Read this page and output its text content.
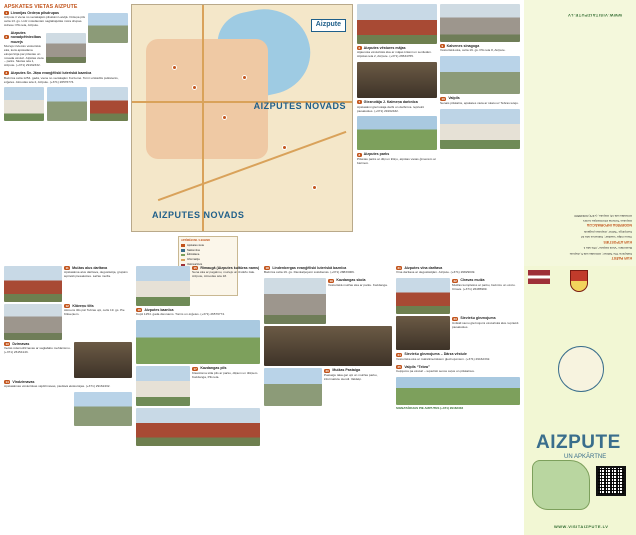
APSKATES VIETAS AIZPUTĒ
1 Livonijas Ordeņa pilsdrupas

Aizpute ir viena no senākajām pilsētām Latvijā. Ordeņa pils celta 13. gs. Līdz mūsdienām saglabājušās mūra drupas. Adrese: Pils iela, Aizpute.

2
Aizputes novadpētniecības muzejs

Muzejs izvietots vēsturiskā ēkā, kurā apskatāma ekspozīcija par pilsētas un novada vēsturi. Atpūtas vieta – parks. Skolas iela 1, Aizpute. (+371) 29162332.

3 Aizputes Sv. Jāņa evaņģēliski luteriskā baznīca

Baznīca celta 1254. gadā, viena no vecākajām Kurzemē. Tornī uzstādīts pulkstenis, ērģeles. Atmodas iela 2, Aizpute. (+371) 26576774.

Aizpute
AIZPUTES NOVADS
AIZPUTES NOVADS
6 Aizputes vēstures mājas

Atjaunota vēsturiskā ēka ar mājas krāsni un senlietām. Atpūtas iela 2, Aizpute. (+371) 26534765.

7 Gleznotāja J. Kalmeņa darbnīca

Apskatāmi gleznotāja darbi un darbnīca. Iepriekš piesakoties. (+371) 29162432.

8 Aizputes parks

Pilsētas parks ar dīķi un tiltiņu, atpūtas vietas ģimenēm ar bērniem.

9 Kalvenes sinagoga

Vēsturiskā ēka, celta 19. gs. Pils iela 8, Aizpute.

10 Valpils

Senais pilskalns, apskates vieta ar skatu uz Tebras ieleju.

APZĪMĒJUMI / LEGEND
Apskates vieta
Naktsmītne
Ēdināšana
Informācija
Velomaršruts
11 Muižas alus darītava

Apskatāma alus darītava, degustācija, grupām iepriekš piesakoties. Lažas muiža.

12 Klāveņu tilts

Akmens tilts pār Tebras upi, celts 19. gs. Pie Klāveņiem.

13 Dzirnavas

Vecās ūdensdzirnavas ar saglabātu mehānismu. (+371) 26154143.

14 Vīndzirnavas

Apskatāmas vēsturiskas vējdzirnavas, piedāvā ekskursijas. (+371) 29162432.

15 Rimaugā (Aizputes kultūras nams)

Sena ēka ar pagalmu, muzejs un izstāžu zāle. Aizpute, Atmodas iela 18.

16 Aizputes baznīca

Kopš 1254. gada dievnams. Tornis un ērģeles. (+371) 26576774.

17 Kazdangas pils

Klasicisma stila pils ar parku, dīķiem un tiltiņiem. Kazdanga, Pils iela.

18 Lindenbergas evaņģēliski luteriskā baznīca

Baznīca celta 19. gs. Dievkalpojumi svētdienās. (+371) 28833006.

19 Kazdangas skola

Vēsturiskā muižas ēka ar parku. Kazdanga.

20 Muižas Pastaiga

Pastaigu taka gar upi un muižas parku, informatīvie stendi. Valdeķi.

21 Aizputes vīna darītava

Vīna darītava ar degustācijām. Aizpute. (+371) 29829049.

22 Cīravas muiža

Muižas komplekss ar parku, baznīcu un ozolu. Cīrava. (+371) 26485999.

23 Sieviešu gleznojums

Unikāli sienu gleznojumi vēsturiskā ēkā. Iepriekš piesakoties.

24 Sieviešu gleznojums – Dārza vēstule

Vēsturiska ēka ar mākslinieciskiem gleznojumiem. (+371) 29162332.

25 Valpils “Tebra”

Ceļojums pa vēsturi – iepazīsti senos ceļus un pilskalnus.

SIGNATÁRIJAS PIE AIZPUTES (+371) 29162332

KUR PAĒST

Kafejnīca “Pie Tebras”, Atmodas iela 5, Aizpute

Restorāns “Vecā Aizpute”, Pils iela 1

KUR ATPŪSTIES

Viesu māja “Lazdas”, Kalvenes iela 12

Kempings “Tebra”, Aizputes pagasts

NODERĪGA INFORMĀCIJA

Aizputes Tūrisma informācijas centrs

Atmodas iela 18, Aizpute, (+371) 63348880

WWW.VISITAIZPUTE.LV
AIZPUTE
UN APKĀRTNE
WWW.VISITAIZPUTE.LV
